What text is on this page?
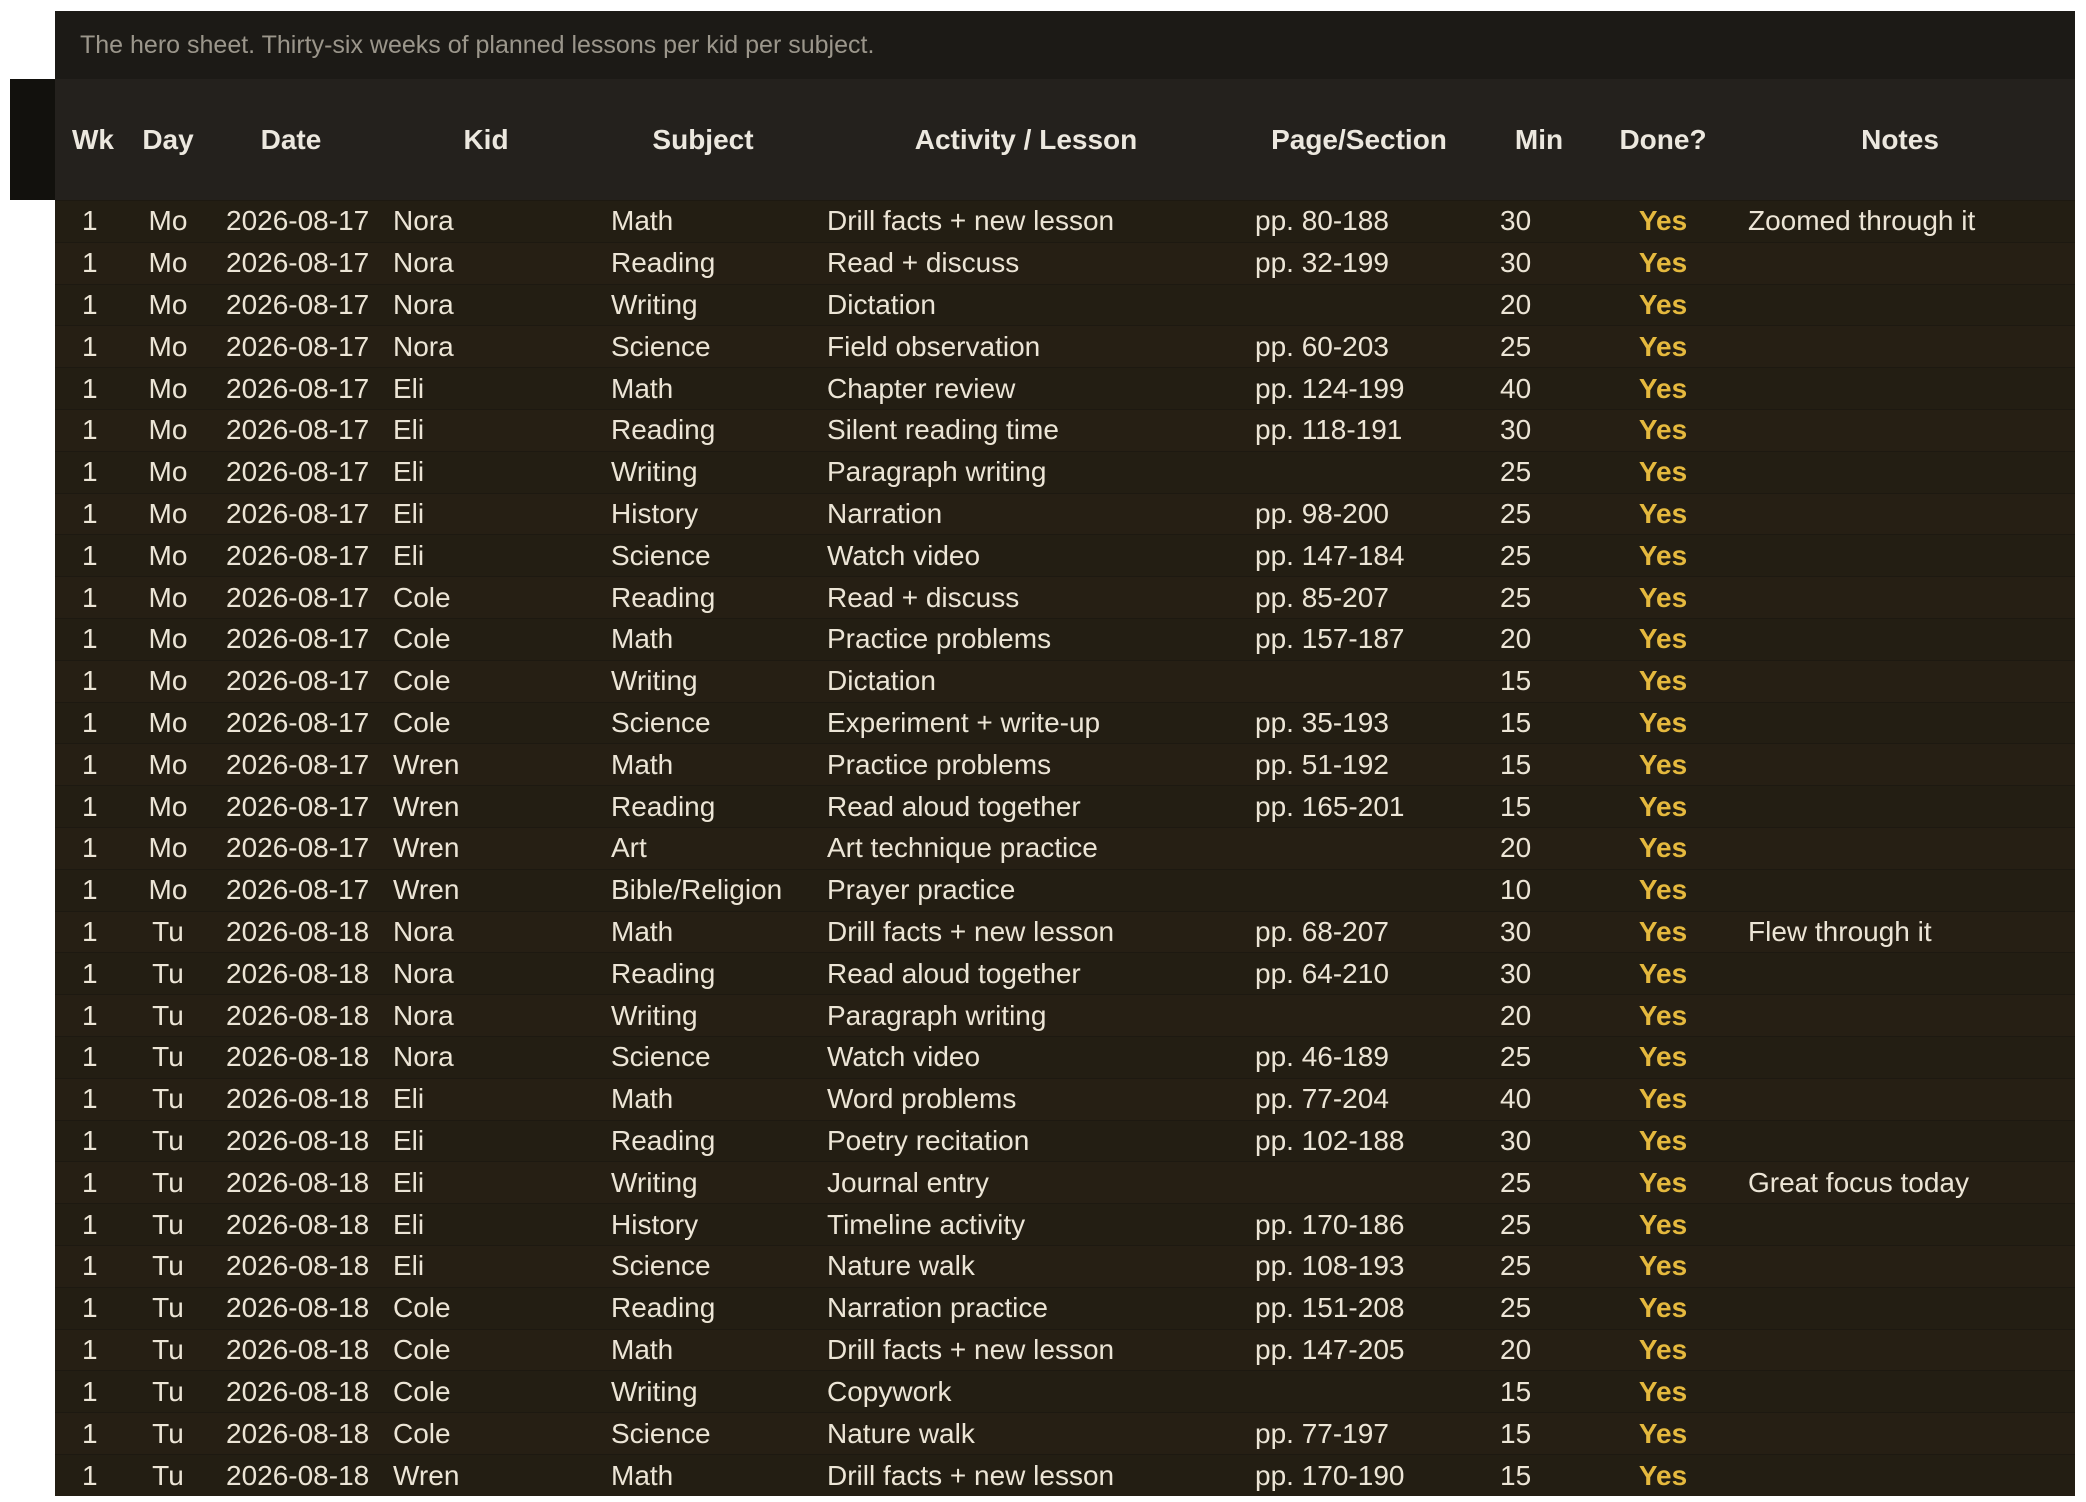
The hero sheet. Thirty-six weeks of planned lessons per kid per subject.
Wk	Day	Date	Kid	Subject	Activity / Lesson	Page/Section	Min	Done?	Notes
1	Mo	2026-08-17	Nora	Math	Drill facts + new lesson	pp. 80-188	30	Yes	Zoomed through it
1	Mo	2026-08-17	Nora	Reading	Read + discuss	pp. 32-199	30	Yes	
1	Mo	2026-08-17	Nora	Writing	Dictation		20	Yes	
1	Mo	2026-08-17	Nora	Science	Field observation	pp. 60-203	25	Yes	
1	Mo	2026-08-17	Eli	Math	Chapter review	pp. 124-199	40	Yes	
1	Mo	2026-08-17	Eli	Reading	Silent reading time	pp. 118-191	30	Yes	
1	Mo	2026-08-17	Eli	Writing	Paragraph writing		25	Yes	
1	Mo	2026-08-17	Eli	History	Narration	pp. 98-200	25	Yes	
1	Mo	2026-08-17	Eli	Science	Watch video	pp. 147-184	25	Yes	
1	Mo	2026-08-17	Cole	Reading	Read + discuss	pp. 85-207	25	Yes	
1	Mo	2026-08-17	Cole	Math	Practice problems	pp. 157-187	20	Yes	
1	Mo	2026-08-17	Cole	Writing	Dictation		15	Yes	
1	Mo	2026-08-17	Cole	Science	Experiment + write-up	pp. 35-193	15	Yes	
1	Mo	2026-08-17	Wren	Math	Practice problems	pp. 51-192	15	Yes	
1	Mo	2026-08-17	Wren	Reading	Read aloud together	pp. 165-201	15	Yes	
1	Mo	2026-08-17	Wren	Art	Art technique practice		20	Yes	
1	Mo	2026-08-17	Wren	Bible/Religion	Prayer practice		10	Yes	
1	Tu	2026-08-18	Nora	Math	Drill facts + new lesson	pp. 68-207	30	Yes	Flew through it
1	Tu	2026-08-18	Nora	Reading	Read aloud together	pp. 64-210	30	Yes	
1	Tu	2026-08-18	Nora	Writing	Paragraph writing		20	Yes	
1	Tu	2026-08-18	Nora	Science	Watch video	pp. 46-189	25	Yes	
1	Tu	2026-08-18	Eli	Math	Word problems	pp. 77-204	40	Yes	
1	Tu	2026-08-18	Eli	Reading	Poetry recitation	pp. 102-188	30	Yes	
1	Tu	2026-08-18	Eli	Writing	Journal entry		25	Yes	Great focus today
1	Tu	2026-08-18	Eli	History	Timeline activity	pp. 170-186	25	Yes	
1	Tu	2026-08-18	Eli	Science	Nature walk	pp. 108-193	25	Yes	
1	Tu	2026-08-18	Cole	Reading	Narration practice	pp. 151-208	25	Yes	
1	Tu	2026-08-18	Cole	Math	Drill facts + new lesson	pp. 147-205	20	Yes	
1	Tu	2026-08-18	Cole	Writing	Copywork		15	Yes	
1	Tu	2026-08-18	Cole	Science	Nature walk	pp. 77-197	15	Yes	
1	Tu	2026-08-18	Wren	Math	Drill facts + new lesson	pp. 170-190	15	Yes	
